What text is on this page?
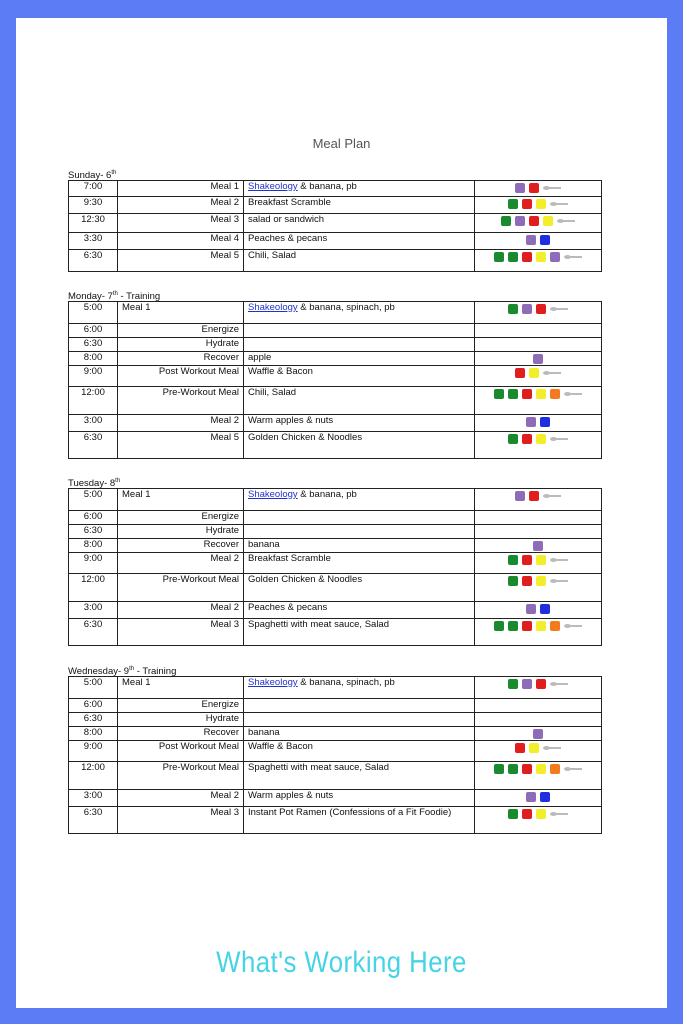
Meal Plan
Sunday- 6th
7:00	Meal 1	Shakeology & banana, pb	

9:30	Meal 2	Breakfast Scramble	

12:30	Meal 3	salad or sandwich	

3:30	Meal 4	Peaches & pecans	

6:30	Meal 5	Chili, Salad	
Monday- 7th - Training
5:00	Meal 1	Shakeology & banana, spinach, pb	

6:00	Energize		

6:30	Hydrate		

8:00	Recover	apple	

9:00	Post Workout Meal	Waffle & Bacon	

12:00	Pre-Workout Meal	Chili, Salad	

3:00	Meal 2	Warm apples & nuts	

6:30	Meal 5	Golden Chicken & Noodles	
Tuesday- 8th
5:00	Meal 1	Shakeology & banana, pb	

6:00	Energize		

6:30	Hydrate		

8:00	Recover	banana	

9:00	Meal 2	Breakfast Scramble	

12:00	Pre-Workout Meal	Golden Chicken & Noodles	

3:00	Meal 2	Peaches & pecans	

6:30	Meal 3	Spaghetti with meat sauce, Salad	
Wednesday- 9th - Training
5:00	Meal 1	Shakeology & banana, spinach, pb	

6:00	Energize		

6:30	Hydrate		

8:00	Recover	banana	

9:00	Post Workout Meal	Waffle & Bacon	

12:00	Pre-Workout Meal	Spaghetti with meat sauce, Salad	

3:00	Meal 2	Warm apples & nuts	

6:30	Meal 3	Instant Pot Ramen (Confessions of a Fit Foodie)	
What's Working Here
